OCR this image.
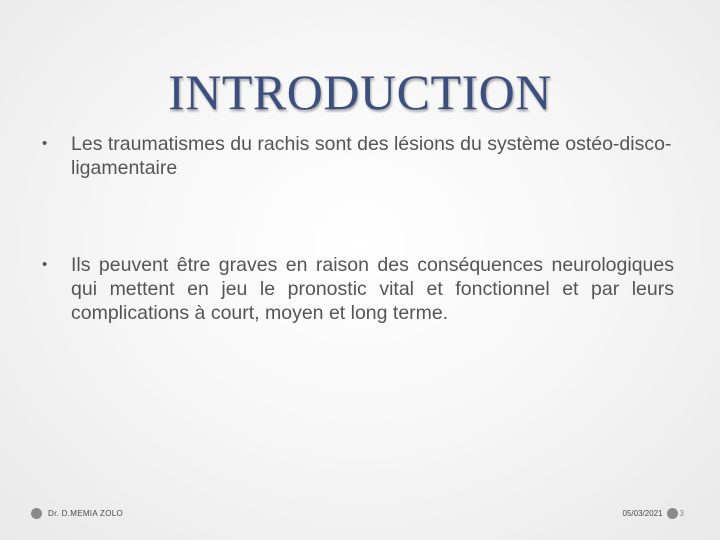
INTRODUCTION
• Les traumatismes du rachis sont des lésions du système ostéo-disco-ligamentaire
• Ils peuvent être graves en raison des conséquences neurologiques qui mettent en jeu le pronostic vital et fonctionnel et par leurs complications à court, moyen et long terme.
Dr. D.MEMIA ZOLO	05/03/2021 3
